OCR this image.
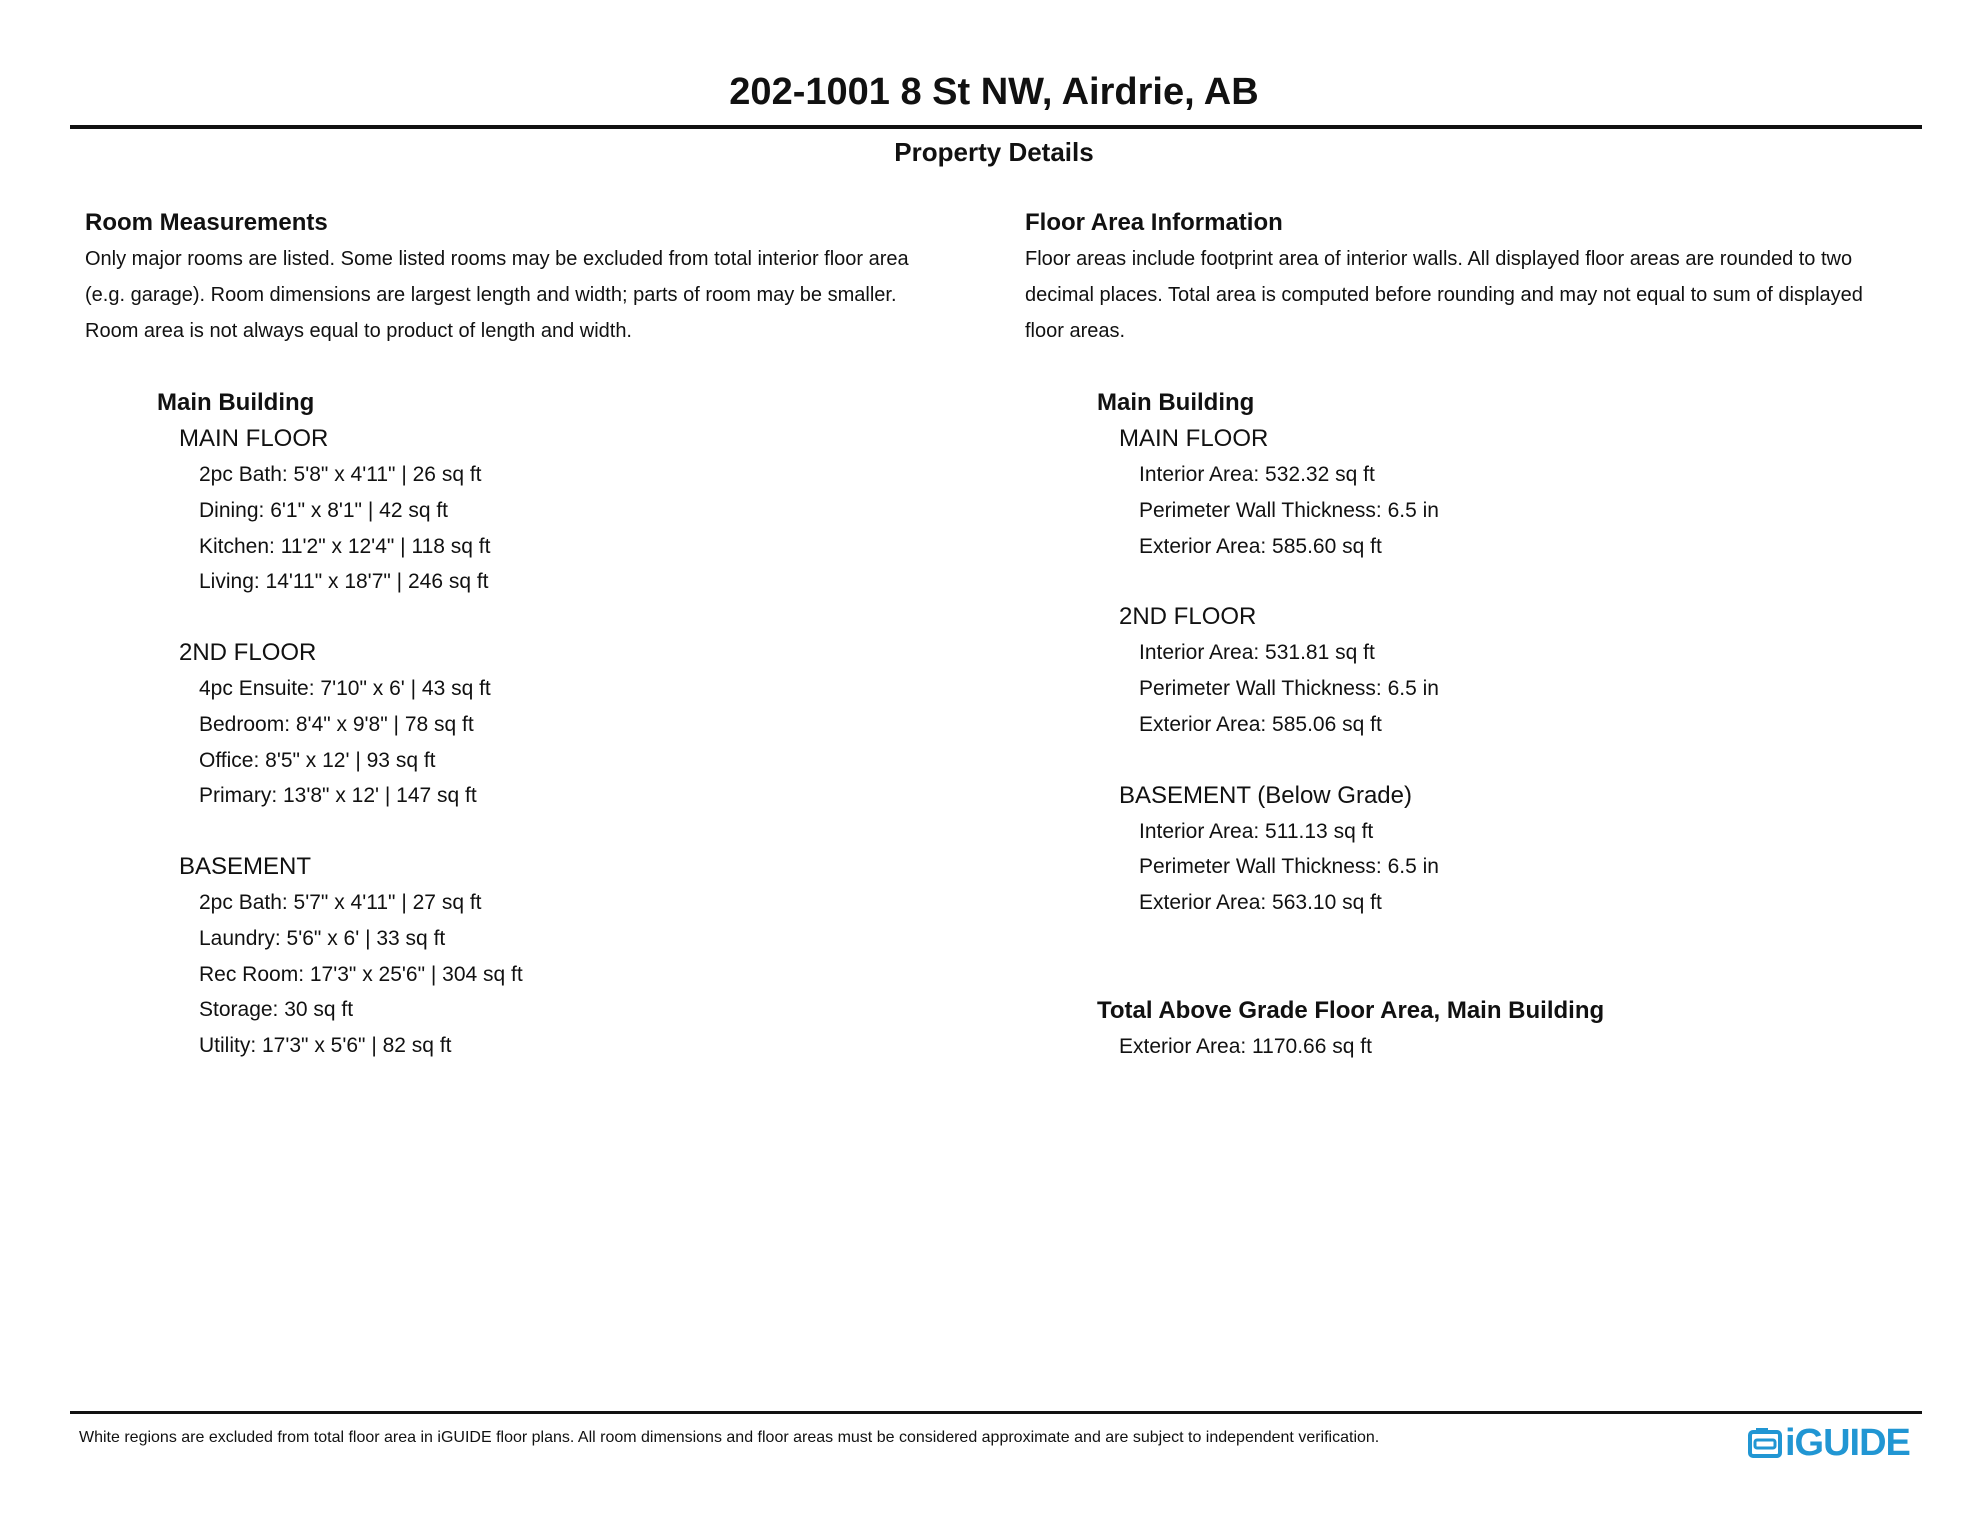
202-1001 8 St NW, Airdrie, AB
Property Details
Room Measurements

Only major rooms are listed. Some listed rooms may be excluded from total interior floor area

(e.g. garage). Room dimensions are largest length and width; parts of room may be smaller.

Room area is not always equal to product of length and width.

Main Building
MAIN FLOOR
2pc Bath: 5'8" x 4'11" | 26 sq ft
Dining: 6'1" x 8'1" | 42 sq ft
Kitchen: 11'2" x 12'4" | 118 sq ft
Living: 14'11" x 18'7" | 246 sq ft
2ND FLOOR
4pc Ensuite: 7'10" x 6' | 43 sq ft
Bedroom: 8'4" x 9'8" | 78 sq ft
Office: 8'5" x 12' | 93 sq ft
Primary: 13'8" x 12' | 147 sq ft
BASEMENT
2pc Bath: 5'7" x 4'11" | 27 sq ft
Laundry: 5'6" x 6' | 33 sq ft
Rec Room: 17'3" x 25'6" | 304 sq ft
Storage: 30 sq ft
Utility: 17'3" x 5'6" | 82 sq ft
Floor Area Information

Floor areas include footprint area of interior walls. All displayed floor areas are rounded to two

decimal places. Total area is computed before rounding and may not equal to sum of displayed

floor areas.

Main Building
MAIN FLOOR
Interior Area: 532.32 sq ft
Perimeter Wall Thickness: 6.5 in
Exterior Area: 585.60 sq ft
2ND FLOOR
Interior Area: 531.81 sq ft
Perimeter Wall Thickness: 6.5 in
Exterior Area: 585.06 sq ft
BASEMENT (Below Grade)
Interior Area: 511.13 sq ft
Perimeter Wall Thickness: 6.5 in
Exterior Area: 563.10 sq ft
Total Above Grade Floor Area, Main Building
Exterior Area: 1170.66 sq ft
White regions are excluded from total floor area in iGUIDE floor plans. All room dimensions and floor areas must be considered approximate and are subject to independent verification.	iGUIDE
